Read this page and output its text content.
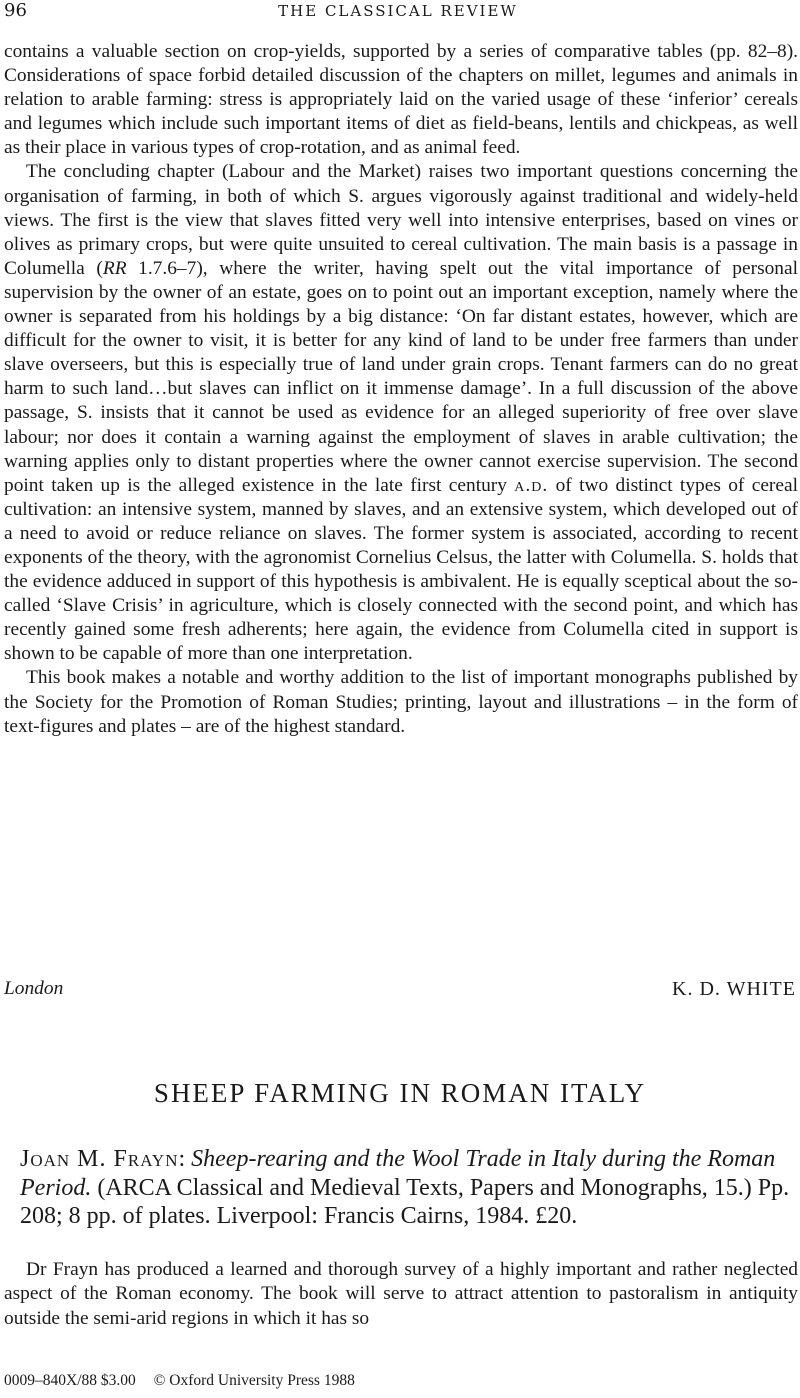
96	THE CLASSICAL REVIEW

contains a valuable section on crop-yields, supported by a series of comparative tables (pp. 82–8). Considerations of space forbid detailed discussion of the chapters on millet, legumes and animals in relation to arable farming: stress is appropriately laid on the varied usage of these ‘inferior’ cereals and legumes which include such important items of diet as field-beans, lentils and chickpeas, as well as their place in various types of crop-rotation, and as animal feed.

The concluding chapter (Labour and the Market) raises two important questions concerning the organisation of farming, in both of which S. argues vigorously against traditional and widely-held views. The first is the view that slaves fitted very well into intensive enterprises, based on vines or olives as primary crops, but were quite unsuited to cereal cultivation. The main basis is a passage in Columella (RR 1.7.6–7), where the writer, having spelt out the vital importance of personal supervision by the owner of an estate, goes on to point out an important exception, namely where the owner is separated from his holdings by a big distance: ‘On far distant estates, however, which are difficult for the owner to visit, it is better for any kind of land to be under free farmers than under slave overseers, but this is especially true of land under grain crops. Tenant farmers can do no great harm to such land…but slaves can inflict on it immense damage’. In a full discussion of the above passage, S. insists that it cannot be used as evidence for an alleged superiority of free over slave labour; nor does it contain a warning against the employment of slaves in arable cultivation; the warning applies only to distant properties where the owner cannot exercise supervision. The second point taken up is the alleged existence in the late first century a.d. of two distinct types of cereal cultivation: an intensive system, manned by slaves, and an extensive system, which developed out of a need to avoid or reduce reliance on slaves. The former system is associated, according to recent exponents of the theory, with the agronomist Cornelius Celsus, the latter with Columella. S. holds that the evidence adduced in support of this hypothesis is ambivalent. He is equally sceptical about the so-called ‘Slave Crisis’ in agriculture, which is closely connected with the second point, and which has recently gained some fresh adherents; here again, the evidence from Columella cited in support is shown to be capable of more than one interpretation.

This book makes a notable and worthy addition to the list of important monographs published by the Society for the Promotion of Roman Studies; printing, layout and illustrations – in the form of text-figures and plates – are of the highest standard.

London	K. D. WHITE
SHEEP FARMING IN ROMAN ITALY
Joan M. Frayn: Sheep-rearing and the Wool Trade in Italy during the Roman Period. (ARCA Classical and Medieval Texts, Papers and Monographs, 15.) Pp. 208; 8 pp. of plates. Liverpool: Francis Cairns, 1984. £20.

Dr Frayn has produced a learned and thorough survey of a highly important and rather neglected aspect of the Roman economy. The book will serve to attract attention to pastoralism in antiquity outside the semi-arid regions in which it has so

0009–840X/88 $3.00 © Oxford University Press 1988
